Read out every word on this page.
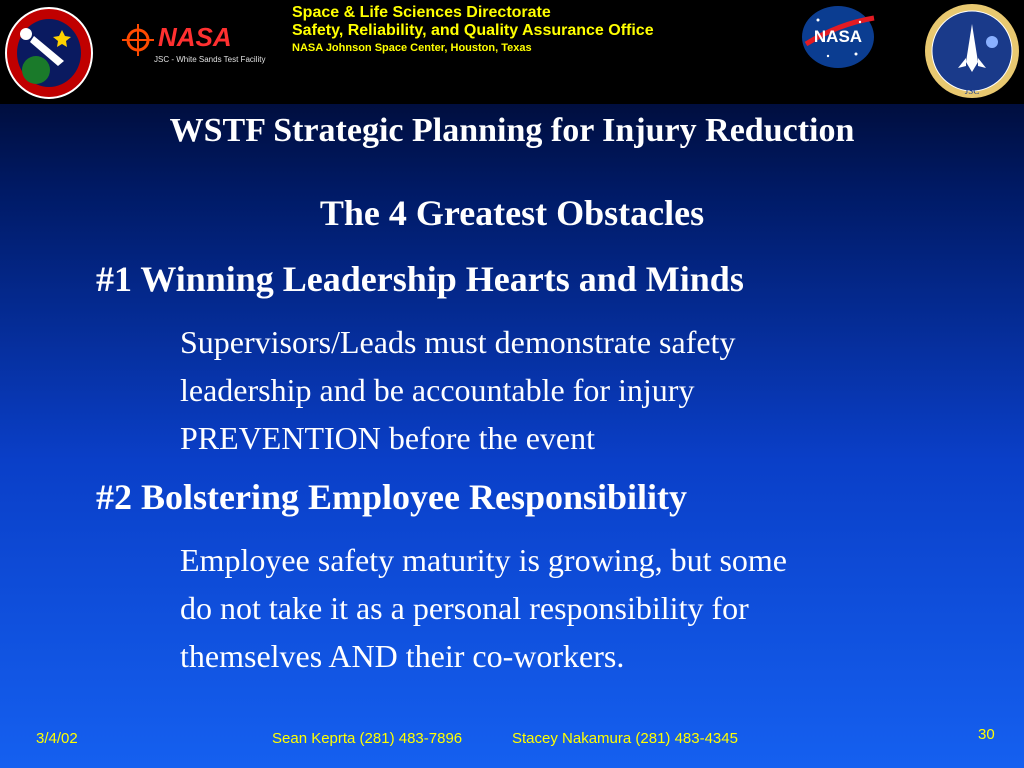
NASA
JSC - White Sands Test Facility
Space & Life Sciences Directorate
Safety, Reliability, and Quality Assurance Office
NASA Johnson Space Center, Houston, Texas
NASA
JSC
WSTF Strategic Planning for Injury Reduction
The 4 Greatest Obstacles
#1 Winning Leadership Hearts and Minds
Supervisors/Leads must demonstrate safety
leadership and be accountable for injury
PREVENTION before the event
#2 Bolstering Employee Responsibility
Employee safety maturity is growing, but some
do not take it as a personal responsibility for
themselves AND their co-workers.
3/4/02	Sean Keprta (281) 483-7896	Stacey Nakamura (281) 483-4345	30
